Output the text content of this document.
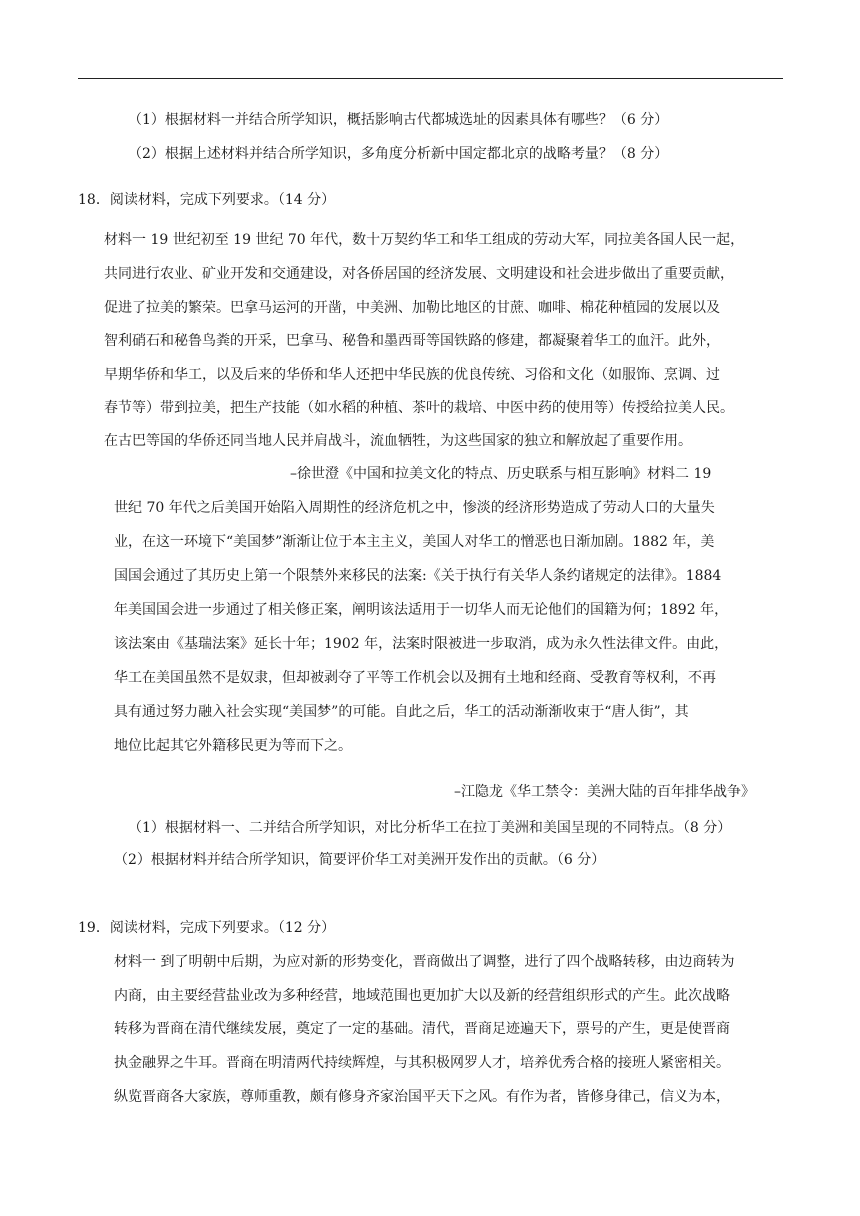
（1）根据材料一并结合所学知识，概括影响古代都城选址的因素具体有哪些？（6 分）
（2）根据上述材料并结合所学知识，多角度分析新中国定都北京的战略考量？（8 分）
18．阅读材料，完成下列要求。（14 分）
材料一 19 世纪初至 19 世纪 70 年代，数十万契约华工和华工组成的劳动大军，同拉美各国人民一起，
共同进行农业、矿业开发和交通建设，对各侨居国的经济发展、文明建设和社会进步做出了重要贡献，
促进了拉美的繁荣。巴拿马运河的开凿，中美洲、加勒比地区的甘蔗、咖啡、棉花种植园的发展以及
智利硝石和秘鲁鸟粪的开采，巴拿马、秘鲁和墨西哥等国铁路的修建，都凝聚着华工的血汗。此外，
早期华侨和华工，以及后来的华侨和华人还把中华民族的优良传统、习俗和文化（如服饰、烹调、过
春节等）带到拉美，把生产技能（如水稻的种植、茶叶的栽培、中医中药的使用等）传授给拉美人民。
在古巴等国的华侨还同当地人民并肩战斗，流血牺牲，为这些国家的独立和解放起了重要作用。
–徐世澄《中国和拉美文化的特点、历史联系与相互影响》材料二 19
世纪 70 年代之后美国开始陷入周期性的经济危机之中，惨淡的经济形势造成了劳动人口的大量失
业，在这一环境下“美国梦”渐渐让位于本主主义，美国人对华工的憎恶也日渐加剧。1882 年，美
国国会通过了其历史上第一个限禁外来移民的法案:《关于执行有关华人条约诸规定的法律》。1884
年美国国会进一步通过了相关修正案，阐明该法适用于一切华人而无论他们的国籍为何；1892 年，
该法案由《基瑞法案》延长十年；1902 年，法案时限被进一步取消，成为永久性法律文件。由此，
华工在美国虽然不是奴隶，但却被剥夺了平等工作机会以及拥有土地和经商、受教育等权利，不再
具有通过努力融入社会实现“美国梦”的可能。自此之后，华工的活动渐渐收束于“唐人街”，其
地位比起其它外籍移民更为等而下之。
–江隐龙《华工禁令：美洲大陆的百年排华战争》
（1）根据材料一、二并结合所学知识，对比分析华工在拉丁美洲和美国呈现的不同特点。（8 分）
（2）根据材料并结合所学知识，简要评价华工对美洲开发作出的贡献。（6 分）
19．阅读材料，完成下列要求。（12 分）
材料一 到了明朝中后期，为应对新的形势变化，晋商做出了调整，进行了四个战略转移，由边商转为
内商，由主要经营盐业改为多种经营，地域范围也更加扩大以及新的经营组织形式的产生。此次战略
转移为晋商在清代继续发展，奠定了一定的基础。清代，晋商足迹遍天下，票号的产生，更是使晋商
执金融界之牛耳。晋商在明清两代持续辉煌，与其积极网罗人才，培养优秀合格的接班人紧密相关。
纵览晋商各大家族，尊师重教，颇有修身齐家治国平天下之风。有作为者，皆修身律己，信义为本，
